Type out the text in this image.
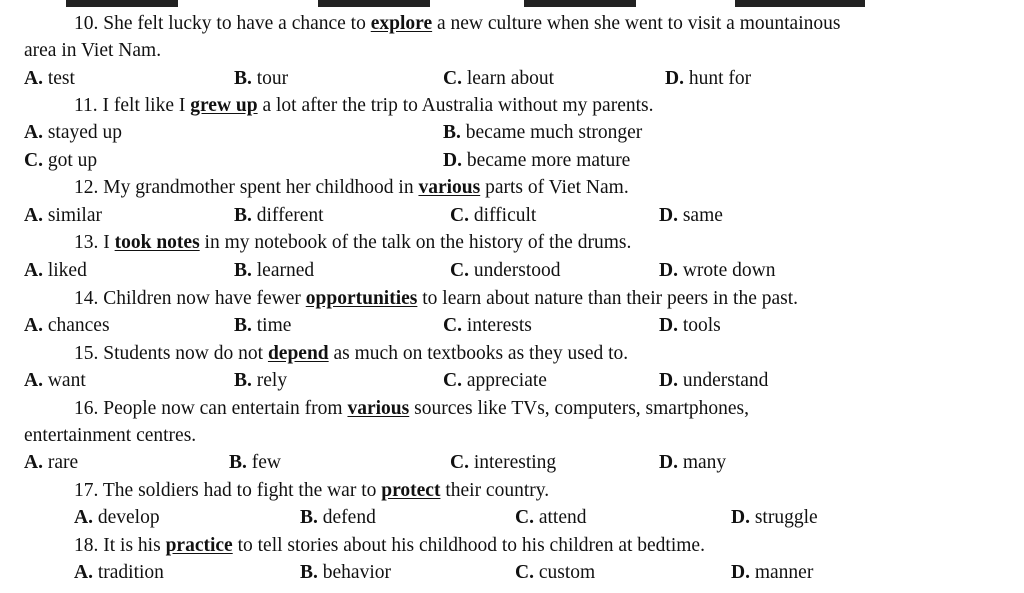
10. She felt lucky to have a chance to explore a new culture when she went to visit a mountainous
area in Viet Nam.
A. test	B. tour	C. learn about	D. hunt for
11. I felt like I grew up a lot after the trip to Australia without my parents.
A. stayed up	B. became much stronger
C. got up	D. became more mature
12. My grandmother spent her childhood in various parts of Viet Nam.
A. similar	B. different	C. difficult	D. same
13. I took notes in my notebook of the talk on the history of the drums.
A. liked	B. learned	C. understood	D. wrote down
14. Children now have fewer opportunities to learn about nature than their peers in the past.
A. chances	B. time	C. interests	D. tools
15. Students now do not depend as much on textbooks as they used to.
A. want	B. rely	C. appreciate	D. understand
16. People now can entertain from various sources like TVs, computers, smartphones,
entertainment centres.
A. rare	B. few	C. interesting	D. many
17. The soldiers had to fight the war to protect their country.
A. develop	B. defend	C. attend	D. struggle
18. It is his practice to tell stories about his childhood to his children at bedtime.
A. tradition	B. behavior	C. custom	D. manner
